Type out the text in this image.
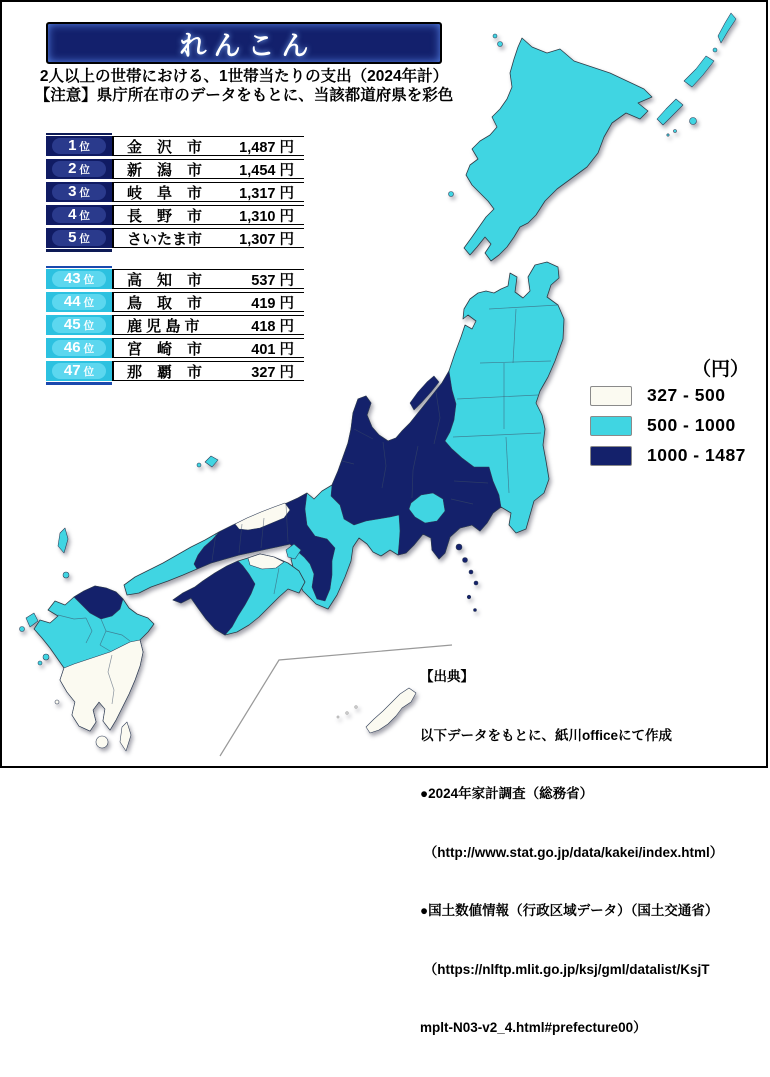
れんこん
2人以上の世帯における、1世帯当たりの支出（2024年計）
【注意】県庁所在市のデータをもとに、当該都道府県を彩色
1 位 金　沢　市	1,487 円
2 位 新　潟　市	1,454 円
3 位 岐　阜　市	1,317 円
4 位 長　野　市	1,310 円
5 位 さいたま市	1,307 円
43 位 高　知　市	537 円
44 位 鳥　取　市	419 円
45 位 鹿 児 島 市	418 円
46 位 宮　崎　市	401 円
47 位 那　覇　市	327 円	（円）
327 - 500
500 - 1000
1000 - 1487

【出典】

以下データをもとに、紙川officeにて作成

●2024年家計調査（総務省）

（http://www.stat.go.jp/data/kakei/index.html）

●国土数値情報（行政区域データ）（国土交通省）

（https://nlftp.mlit.go.jp/ksj/gml/datalist/KsjT

mplt-N03-v2_4.html#prefecture00）
